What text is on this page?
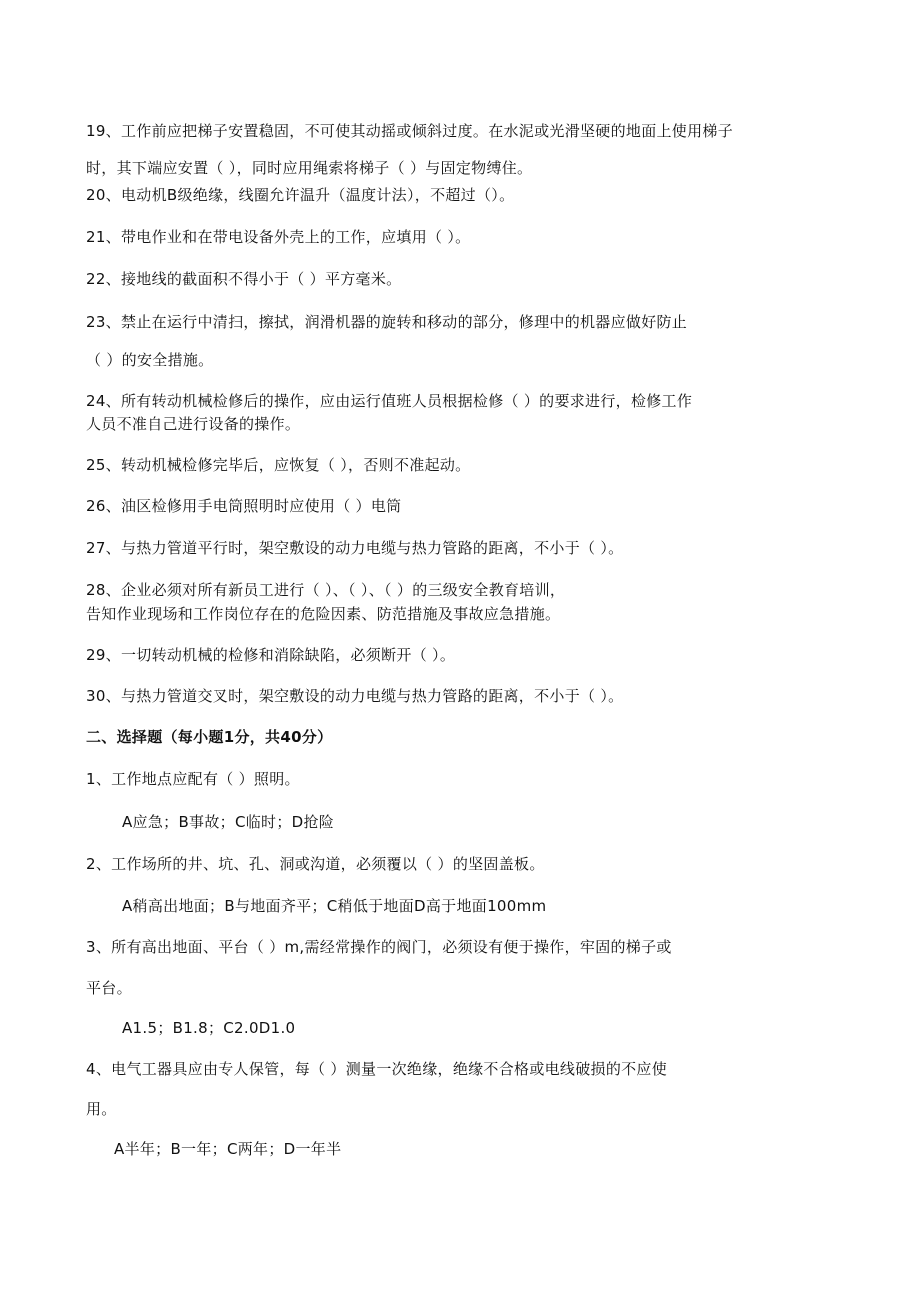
19、工作前应把梯子安置稳固，不可使其动摇或倾斜过度。在水泥或光滑坚硬的地面上使用梯子
时，其下端应安置（ ），同时应用绳索将梯子（ ）与固定物缚住。
20、电动机B级绝缘，线圈允许温升（温度计法），不超过（）。
21、带电作业和在带电设备外壳上的工作，应填用（ ）。
22、接地线的截面积不得小于（ ）平方毫米。
23、禁止在运行中清扫，擦拭，润滑机器的旋转和移动的部分，修理中的机器应做好防止
（ ）的安全措施。
24、所有转动机械检修后的操作，应由运行值班人员根据检修（ ）的要求进行，检修工作
人员不准自己进行设备的操作。
25、转动机械检修完毕后，应恢复（ ），否则不准起动。
26、油区检修用手电筒照明时应使用（ ）电筒
27、与热力管道平行时，架空敷设的动力电缆与热力管路的距离，不小于（ ）。
28、企业必须对所有新员工进行（ ）、（ ）、（ ）的三级安全教育培训，
告知作业现场和工作岗位存在的危险因素、防范措施及事故应急措施。
29、一切转动机械的检修和消除缺陷，必须断开（ ）。
30、与热力管道交叉时，架空敷设的动力电缆与热力管路的距离，不小于（ ）。
二、选择题（每小题1分，共40分）
1、工作地点应配有（ ）照明。
A应急；B事故；C临时；D抢险
2、工作场所的井、坑、孔、洞或沟道，必须覆以（ ）的坚固盖板。
A稍高出地面；B与地面齐平；C稍低于地面D高于地面100mm
3、所有高出地面、平台（ ）m,需经常操作的阀门，必须设有便于操作，牢固的梯子或
平台。
A1.5；B1.8；C2.0D1.0
4、电气工器具应由专人保管，每（ ）测量一次绝缘，绝缘不合格或电线破损的不应使
用。
A半年；B一年；C两年；D一年半
